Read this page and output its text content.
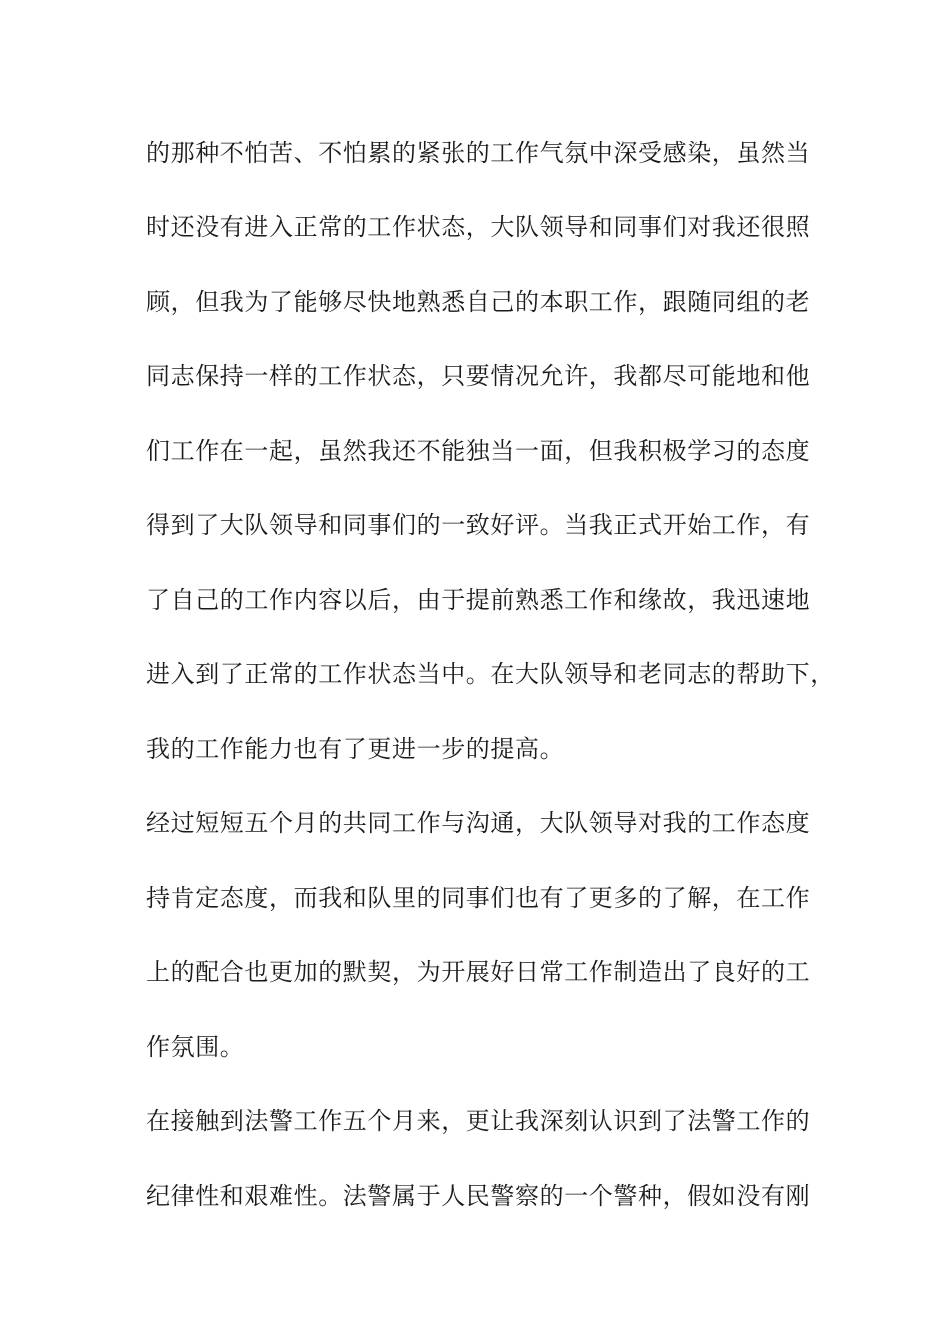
的那种不怕苦、不怕累的紧张的工作气氛中深受感染，虽然当
时还没有进入正常的工作状态，大队领导和同事们对我还很照
顾，但我为了能够尽快地熟悉自己的本职工作，跟随同组的老
同志保持一样的工作状态，只要情况允许，我都尽可能地和他
们工作在一起，虽然我还不能独当一面，但我积极学习的态度
得到了大队领导和同事们的一致好评。当我正式开始工作，有
了自己的工作内容以后，由于提前熟悉工作和缘故，我迅速地
进入到了正常的工作状态当中。在大队领导和老同志的帮助下，
我的工作能力也有了更进一步的提高。
经过短短五个月的共同工作与沟通，大队领导对我的工作态度
持肯定态度，而我和队里的同事们也有了更多的了解，在工作
上的配合也更加的默契，为开展好日常工作制造出了良好的工
作氛围。
在接触到法警工作五个月来，更让我深刻认识到了法警工作的
纪律性和艰难性。法警属于人民警察的一个警种，假如没有刚
